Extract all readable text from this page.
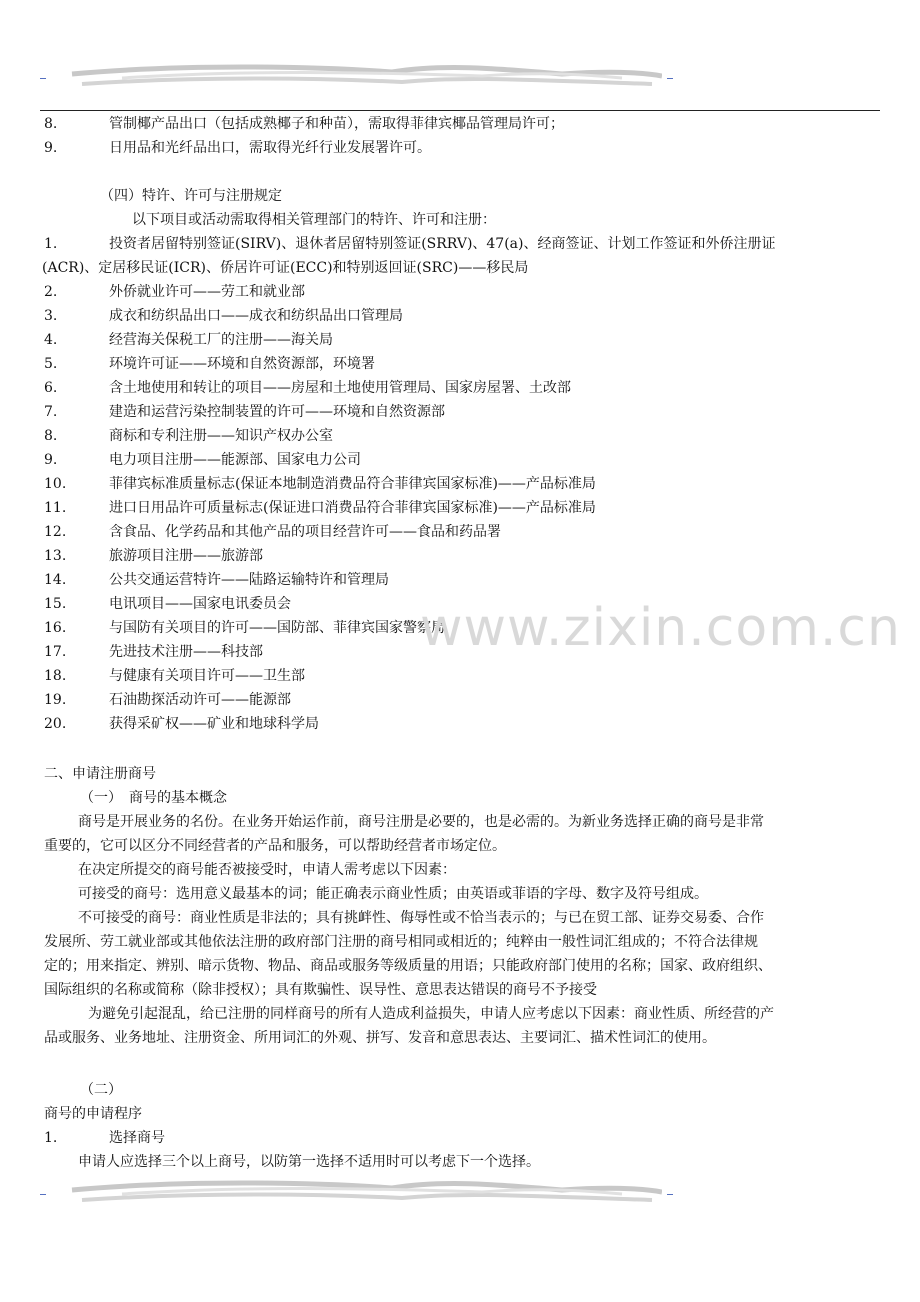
8.	管制椰产品出口（包括成熟椰子和种苗），需取得菲律宾椰品管理局许可；
9.	日用品和光纤品出口，需取得光纤行业发展署许可。
（四）特许、许可与注册规定
以下项目或活动需取得相关管理部门的特许、许可和注册：
1.	投资者居留特别签证(SIRV)、退休者居留特别签证(SRRV)、47(a)、经商签证、计划工作签证和外侨注册证
(ACR)、定居移民证(ICR)、侨居许可证(ECC)和特别返回证(SRC)——移民局
2.	外侨就业许可——劳工和就业部
3.	成衣和纺织品出口——成衣和纺织品出口管理局
4.	经营海关保税工厂的注册——海关局
5.	环境许可证——环境和自然资源部，环境署
6.	含土地使用和转让的项目——房屋和土地使用管理局、国家房屋署、土改部
7.	建造和运营污染控制装置的许可——环境和自然资源部
8.	商标和专利注册——知识产权办公室
9.	电力项目注册——能源部、国家电力公司
10.	菲律宾标准质量标志(保证本地制造消费品符合菲律宾国家标准)——产品标准局
11.	进口日用品许可质量标志(保证进口消费品符合菲律宾国家标准)——产品标准局
12.	含食品、化学药品和其他产品的项目经营许可——食品和药品署
13.	旅游项目注册——旅游部
14.	公共交通运营特许——陆路运输特许和管理局
15.	电讯项目——国家电讯委员会
16.	与国防有关项目的许可——国防部、菲律宾国家警察局
17.	先进技术注册——科技部
18.	与健康有关项目许可——卫生部
19.	石油勘探活动许可——能源部
20.	获得采矿权——矿业和地球科学局
二、申请注册商号
（一）　商号的基本概念
商号是开展业务的名份。在业务开始运作前，商号注册是必要的，也是必需的。为新业务选择正确的商号是非常
重要的，它可以区分不同经营者的产品和服务，可以帮助经营者市场定位。
在决定所提交的商号能否被接受时，申请人需考虑以下因素：
可接受的商号：选用意义最基本的词；能正确表示商业性质；由英语或菲语的字母、数字及符号组成。
不可接受的商号：商业性质是非法的；具有挑衅性、侮辱性或不恰当表示的；与已在贸工部、证券交易委、合作
发展所、劳工就业部或其他依法注册的政府部门注册的商号相同或相近的；纯粹由一般性词汇组成的；不符合法律规
定的；用来指定、辨别、暗示货物、物品、商品或服务等级质量的用语；只能政府部门使用的名称；国家、政府组织、
国际组织的名称或简称（除非授权）；具有欺骗性、误导性、意思表达错误的商号不予接受
为避免引起混乱，给已注册的同样商号的所有人造成利益损失，申请人应考虑以下因素：商业性质、所经营的产
品或服务、业务地址、注册资金、所用词汇的外观、拼写、发音和意思表达、主要词汇、描术性词汇的使用。
（二）
商号的申请程序
1.	选择商号
申请人应选择三个以上商号，以防第一选择不适用时可以考虑下一个选择。
www.zixin.com.cn
